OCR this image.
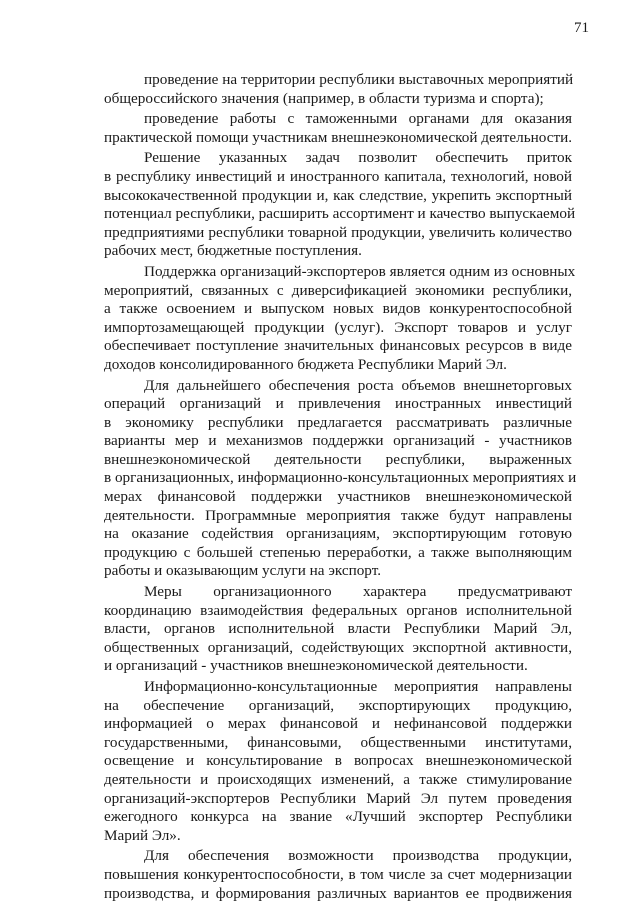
71
проведение на территории республики выставочных мероприятий
общероссийского значения (например, в области туризма и спорта);
проведение работы с таможенными органами для оказания
практической помощи участникам внешнеэкономической деятельности.
Решение указанных задач позволит обеспечить приток
в республику инвестиций и иностранного капитала, технологий, новой
высококачественной продукции и, как следствие, укрепить экспортный
потенциал республики, расширить ассортимент и качество выпускаемой
предприятиями республики товарной продукции, увеличить количество
рабочих мест, бюджетные поступления.
Поддержка организаций-экспортеров является одним из основных
мероприятий, связанных с диверсификацией экономики республики,
а также освоением и выпуском новых видов конкурентоспособной
импортозамещающей продукции (услуг). Экспорт товаров и услуг
обеспечивает поступление значительных финансовых ресурсов в виде
доходов консолидированного бюджета Республики Марий Эл.
Для дальнейшего обеспечения роста объемов внешнеторговых
операций организаций и привлечения иностранных инвестиций
в экономику республики предлагается рассматривать различные
варианты мер и механизмов поддержки организаций - участников
внешнеэкономической деятельности республики, выраженных
в организационных, информационно-консультационных мероприятиях и
мерах финансовой поддержки участников внешнеэкономической
деятельности. Программные мероприятия также будут направлены
на оказание содействия организациям, экспортирующим готовую
продукцию с большей степенью переработки, а также выполняющим
работы и оказывающим услуги на экспорт.
Меры организационного характера предусматривают
координацию взаимодействия федеральных органов исполнительной
власти, органов исполнительной власти Республики Марий Эл,
общественных организаций, содействующих экспортной активности,
и организаций - участников внешнеэкономической деятельности.
Информационно-консультационные мероприятия направлены
на обеспечение организаций, экспортирующих продукцию,
информацией о мерах финансовой и нефинансовой поддержки
государственными, финансовыми, общественными институтами,
освещение и консультирование в вопросах внешнеэкономической
деятельности и происходящих изменений, а также стимулирование
организаций-экспортеров Республики Марий Эл путем проведения
ежегодного конкурса на звание «Лучший экспортер Республики
Марий Эл».
Для обеспечения возможности производства продукции,
повышения конкурентоспособности, в том числе за счет модернизации
производства, и формирования различных вариантов ее продвижения
